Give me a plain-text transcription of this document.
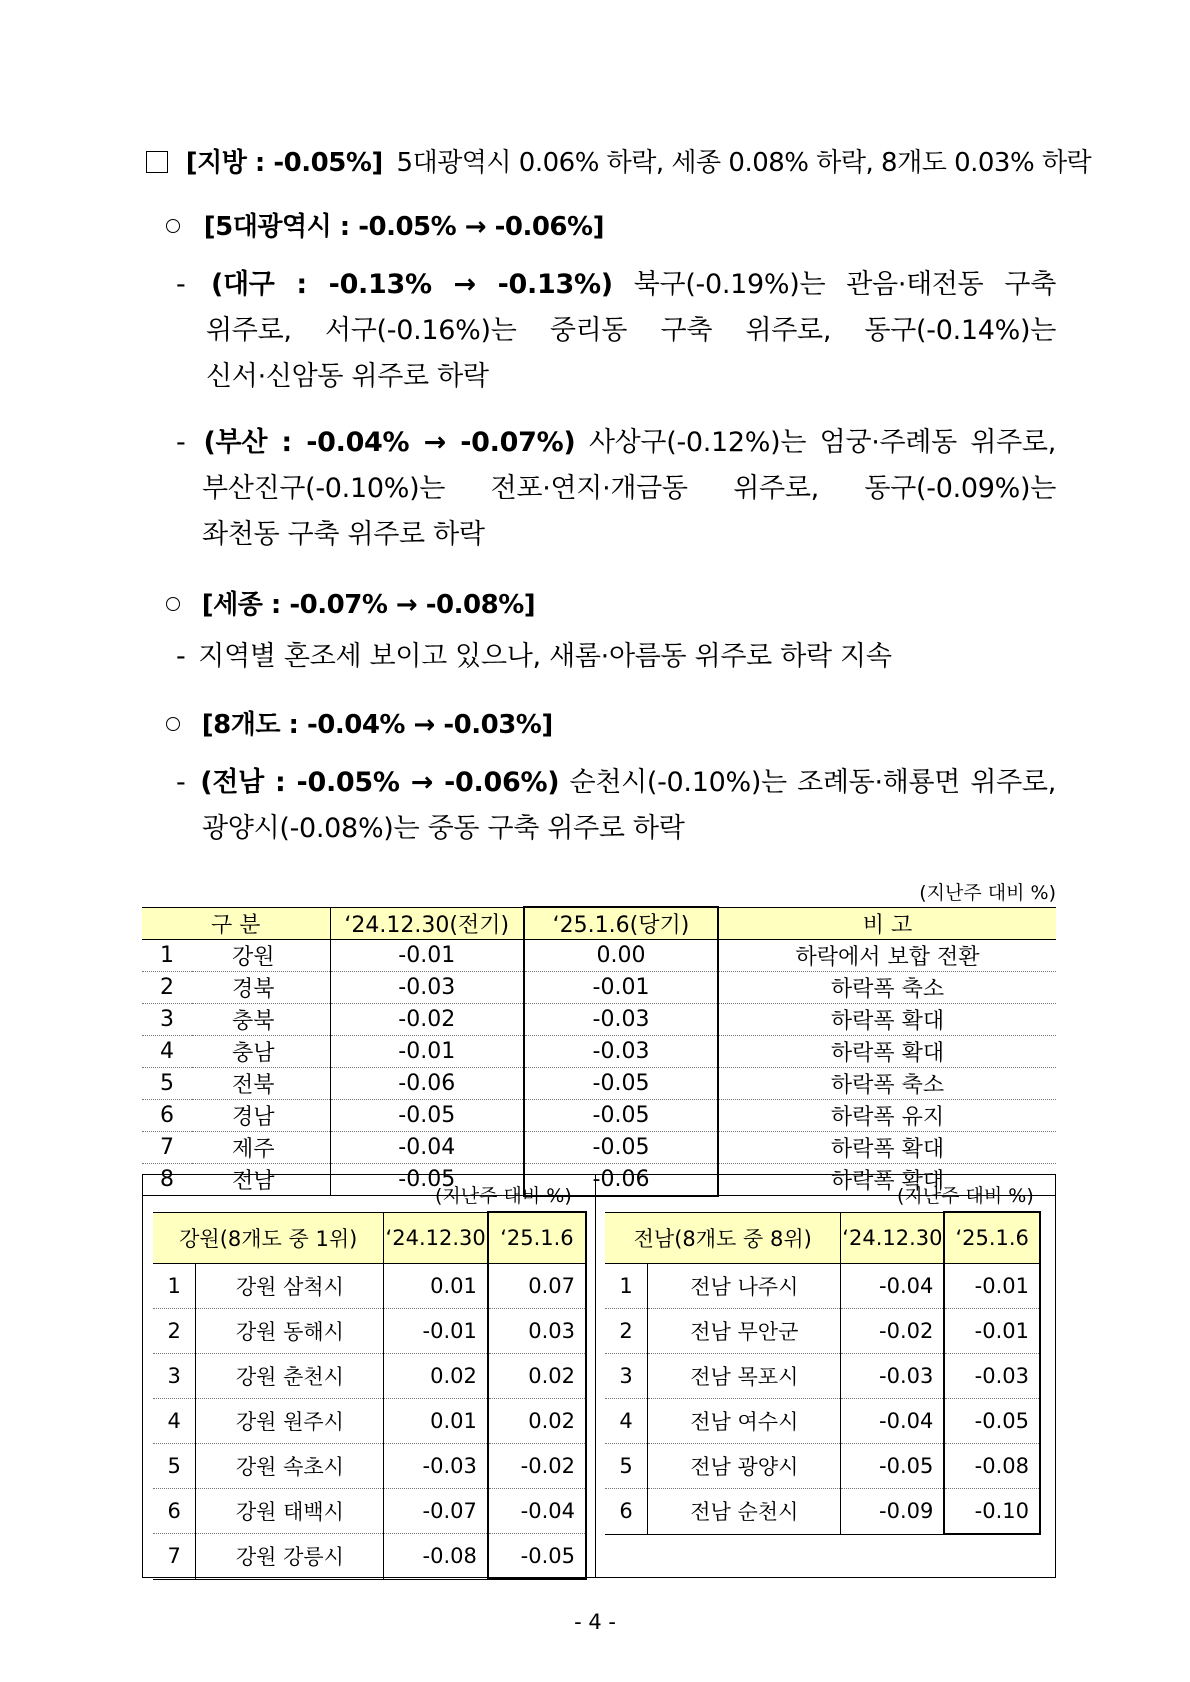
[지방 : -0.05%] 5대광역시 0.06% 하락, 세종 0.08% 하락, 8개도 0.03% 하락
[5대광역시 : -0.05% → -0.06%]
- (대구 : -0.13% → -0.13%) 북구(-0.19%)는 관음·태전동 구축
위주로, 서구(-0.16%)는 중리동 구축 위주로, 동구(-0.14%)는
신서·신암동 위주로 하락
- (부산 : -0.04% → -0.07%) 사상구(-0.12%)는 엄궁·주례동 위주로,
부산진구(-0.10%)는 전포·연지·개금동 위주로, 동구(-0.09%)는
좌천동 구축 위주로 하락
[세종 : -0.07% → -0.08%]
- 지역별 혼조세 보이고 있으나, 새롬·아름동 위주로 하락 지속
[8개도 : -0.04% → -0.03%]
- (전남 : -0.05% → -0.06%) 순천시(-0.10%)는 조례동·해룡면 위주로,
광양시(-0.08%)는 중동 구축 위주로 하락
(지난주 대비 %)
구 분		‘24.12.30(전기)	‘25.1.6(당기)	비 고
1	강원	-0.01	0.00	하락에서 보합 전환
2	경북	-0.03	-0.01	하락폭 축소
3	충북	-0.02	-0.03	하락폭 확대
4	충남	-0.01	-0.03	하락폭 확대
5	전북	-0.06	-0.05	하락폭 축소
6	경남	-0.05	-0.05	하락폭 유지
7	제주	-0.04	-0.05	하락폭 확대
8	전남	-0.05	-0.06	하락폭 확대
(지난주 대비 %)
강원(8개도 중 1위)		‘24.12.30	‘25.1.6
1	강원 삼척시	0.01	0.07
2	강원 동해시	-0.01	0.03
3	강원 춘천시	0.02	0.02
4	강원 원주시	0.01	0.02
5	강원 속초시	-0.03	-0.02
6	강원 태백시	-0.07	-0.04
7	강원 강릉시	-0.08	-0.05
(지난주 대비 %)
전남(8개도 중 8위)		‘24.12.30	‘25.1.6
1	전남 나주시	-0.04	-0.01
2	전남 무안군	-0.02	-0.01
3	전남 목포시	-0.03	-0.03
4	전남 여수시	-0.04	-0.05
5	전남 광양시	-0.05	-0.08
6	전남 순천시	-0.09	-0.10
- 4 -
